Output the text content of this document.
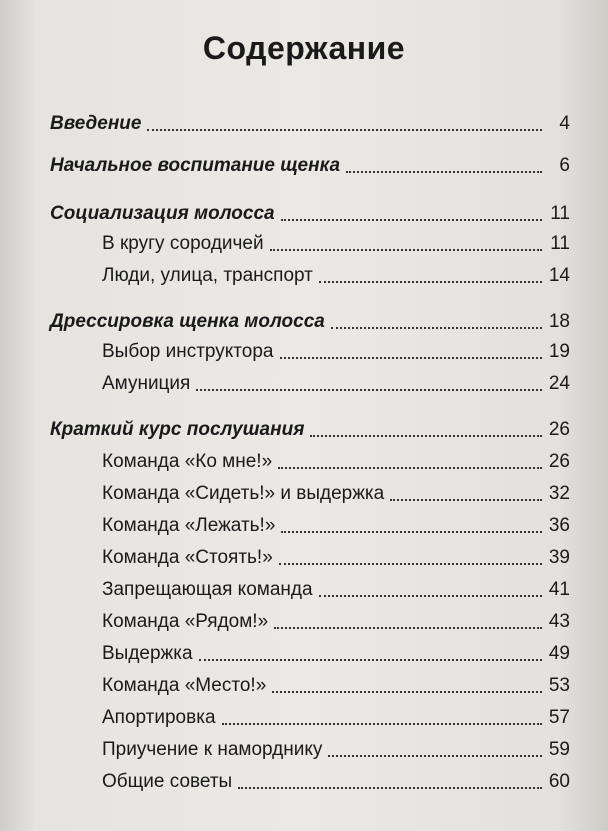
Содержание
Введение	4
Начальное воспитание щенка	6
Социализация молосса	11
В кругу сородичей	11
Люди, улица, транспорт	14
Дрессировка щенка молосса	18
Выбор инструктора	19
Амуниция	24
Краткий курс послушания	26
Команда «Ко мне!»	26
Команда «Сидеть!» и выдержка	32
Команда «Лежать!»	36
Команда «Стоять!»	39
Запрещающая команда	41
Команда «Рядом!»	43
Выдержка	49
Команда «Место!»	53
Апортировка	57
Приучение к наморднику	59
Общие советы	60
